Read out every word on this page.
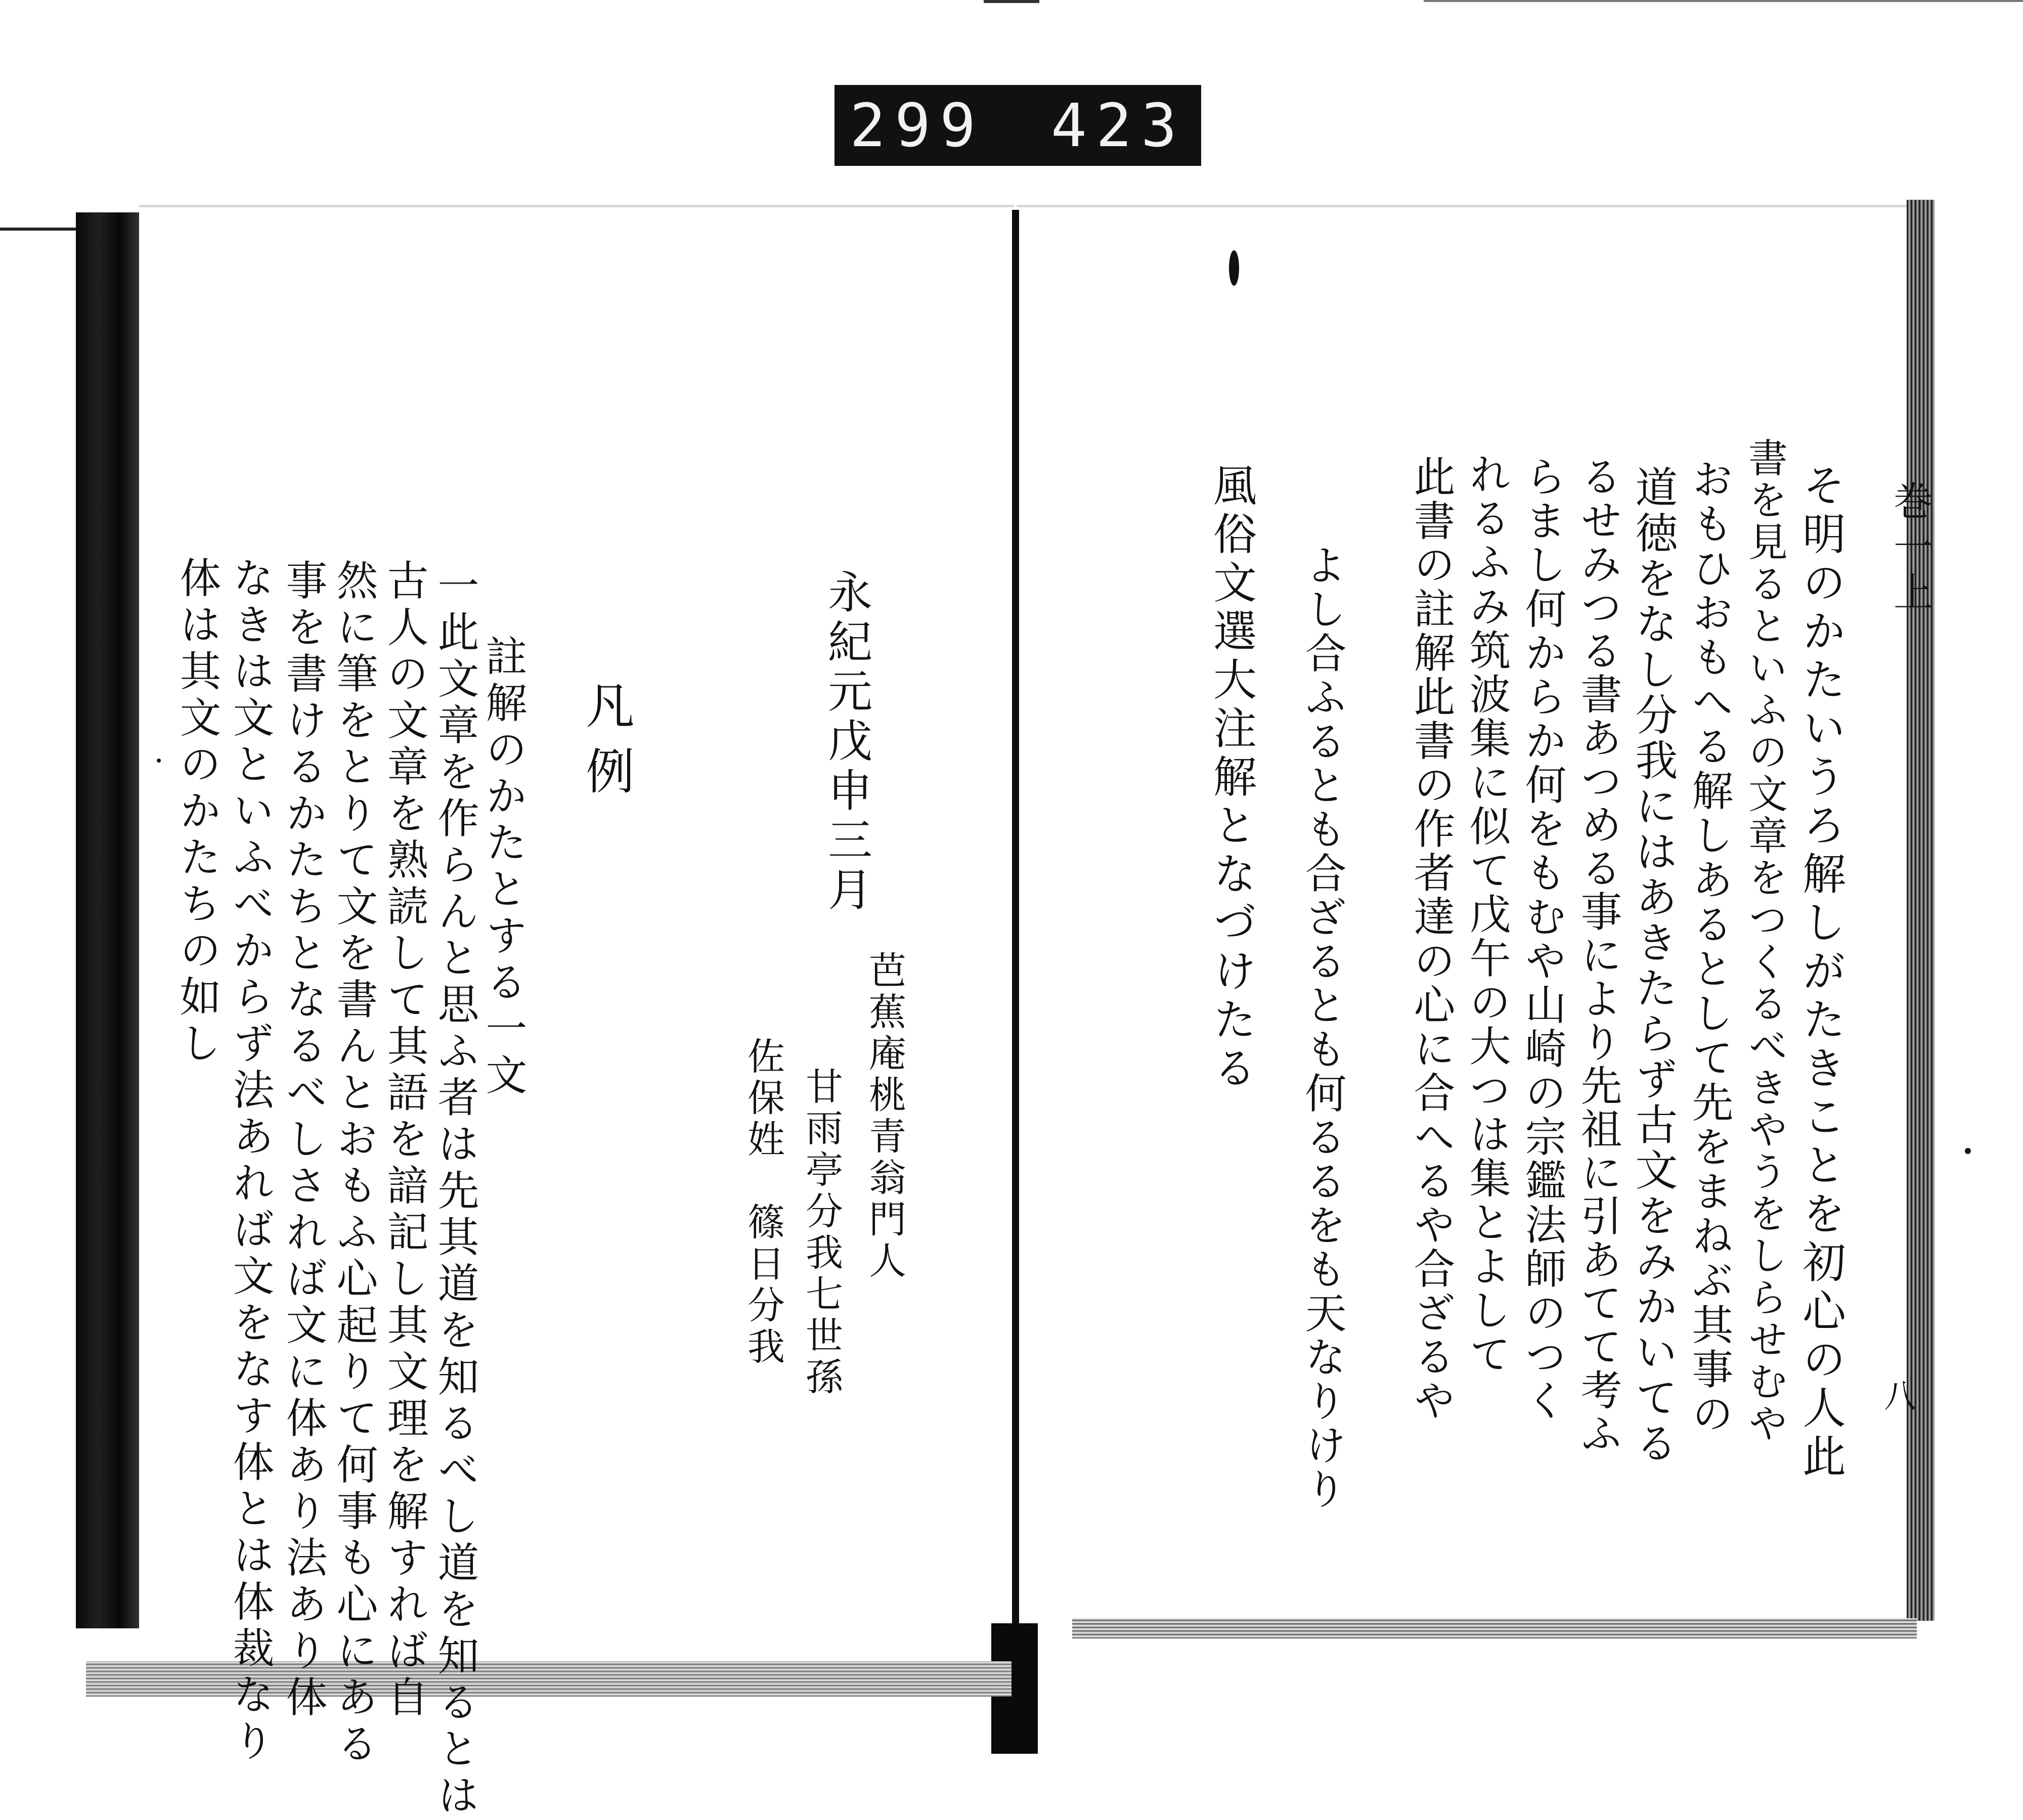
299 423
永紀元戊申三月
芭蕉庵桃青翁門人
甘雨亭分我七世孫
佐保姓　篠日分我
凡例
註解のかたとする一文
一此文章を作らんと思ふ者は先其道を知るべし道を知るとは
古人の文章を熟読して其語を諳記し其文理を解すれば自
然に筆をとりて文を書んとおもふ心起りて何事も心にある
事を書けるかたちとなるべしされば文に体あり法あり体
なきは文といふべからず法あれば文をなす体とは体裁なり
体は其文のかたちの如し
巻一上
八
そ明のかたいうろ解しがたきことを初心の人此
書を見るといふの文章をつくるべきやうをしらせむや
おもひおもへる解しあるとして先をまねぶ其事の
道徳をなし分我にはあきたらず古文をみかいてる
るせみつる書あつめる事により先祖に引あてて考ふ
らまし何からか何をもむや山崎の宗鑑法師のつく
れるふみ筑波集に似て戊午の大つは集とよして
此書の註解此書の作者達の心に合へるや合ざるや
よし合ふるとも合ざるとも何るるをも天なりけり
風俗文選大注解となづけたる
